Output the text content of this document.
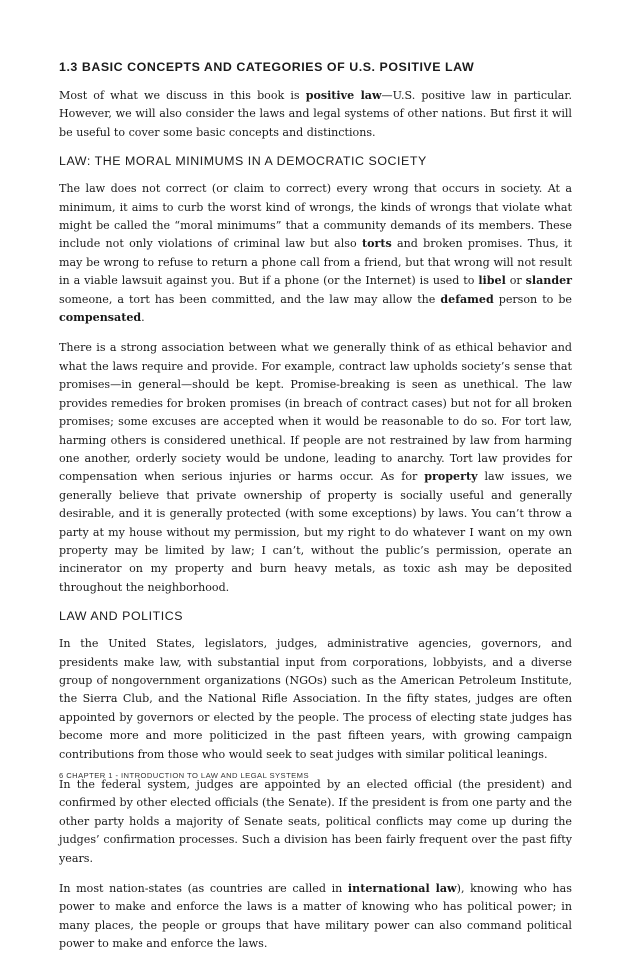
1.3 BASIC CONCEPTS AND CATEGORIES OF U.S. POSITIVE LAW

Most of what we discuss in this book is positive law—U.S. positive law in particular. However, we will also consider the laws and legal systems of other nations. But first it will be useful to cover some basic concepts and distinctions.

LAW: THE MORAL MINIMUMS IN A DEMOCRATIC SOCIETY

The law does not correct (or claim to correct) every wrong that occurs in society. At a minimum, it aims to curb the worst kind of wrongs, the kinds of wrongs that violate what might be called the “moral minimums” that a community demands of its members. These include not only violations of criminal law but also torts and broken promises. Thus, it may be wrong to refuse to return a phone call from a friend, but that wrong will not result in a viable lawsuit against you. But if a phone (or the Internet) is used to libel or slander someone, a tort has been committed, and the law may allow the defamed person to be compensated.

There is a strong association between what we generally think of as ethical behavior and what the laws require and provide. For example, contract law upholds society’s sense that promises—in general—should be kept. Promise-breaking is seen as unethical. The law provides remedies for broken promises (in breach of contract cases) but not for all broken promises; some excuses are accepted when it would be reasonable to do so. For tort law, harming others is considered unethical. If people are not restrained by law from harming one another, orderly society would be undone, leading to anarchy. Tort law provides for compensation when serious injuries or harms occur. As for property law issues, we generally believe that private ownership of property is socially useful and generally desirable, and it is generally protected (with some exceptions) by laws. You can’t throw a party at my house without my permission, but my right to do whatever I want on my own property may be limited by law; I can’t, without the public’s permission, operate an incinerator on my property and burn heavy metals, as toxic ash may be deposited throughout the neighborhood.

LAW AND POLITICS

In the United States, legislators, judges, administrative agencies, governors, and presidents make law, with substantial input from corporations, lobbyists, and a diverse group of nongovernment organizations (NGOs) such as the American Petroleum Institute, the Sierra Club, and the National Rifle Association. In the fifty states, judges are often appointed by governors or elected by the people. The process of electing state judges has become more and more politicized in the past fifteen years, with growing campaign contributions from those who would seek to seat judges with similar political leanings.

In the federal system, judges are appointed by an elected official (the president) and confirmed by other elected officials (the Senate). If the president is from one party and the other party holds a majority of Senate seats, political conflicts may come up during the judges’ confirmation processes. Such a division has been fairly frequent over the past fifty years.

In most nation-states (as countries are called in international law), knowing who has power to make and enforce the laws is a matter of knowing who has political power; in many places, the people or groups that have military power can also command political power to make and enforce the laws.

6 CHAPTER 1 - INTRODUCTION TO LAW AND LEGAL SYSTEMS
